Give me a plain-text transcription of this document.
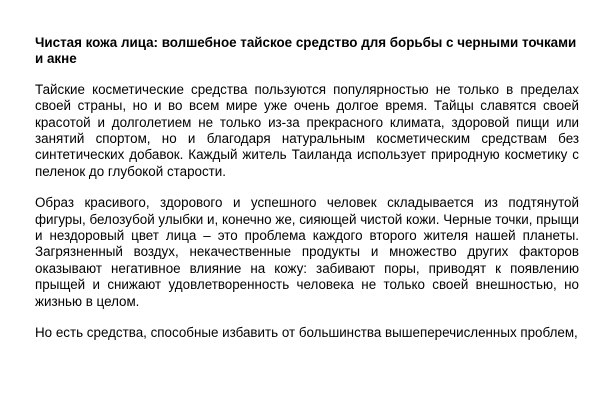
Чистая кожа лица: волшебное тайское средство для борьбы с черными точками и акне

Тайские косметические средства пользуются популярностью не только в пределах своей страны, но и во всем мире уже очень долгое время. Тайцы славятся своей красотой и долголетием не только из-за прекрасного климата, здоровой пищи или занятий спортом, но и благодаря натуральным косметическим средствам без синтетических добавок. Каждый житель Таиланда использует природную косметику с пеленок до глубокой старости.

Образ красивого, здорового и успешного человек складывается из подтянутой фигуры, белозубой улыбки и, конечно же, сияющей чистой кожи. Черные точки, прыщи и нездоровый цвет лица – это проблема каждого второго жителя нашей планеты. Загрязненный воздух, некачественные продукты и множество других факторов оказывают негативное влияние на кожу: забивают поры, приводят к появлению прыщей и снижают удовлетворенность человека не только своей внешностью, но жизнью в целом.

Но есть средства, способные избавить от большинства вышеперечисленных проблем,
